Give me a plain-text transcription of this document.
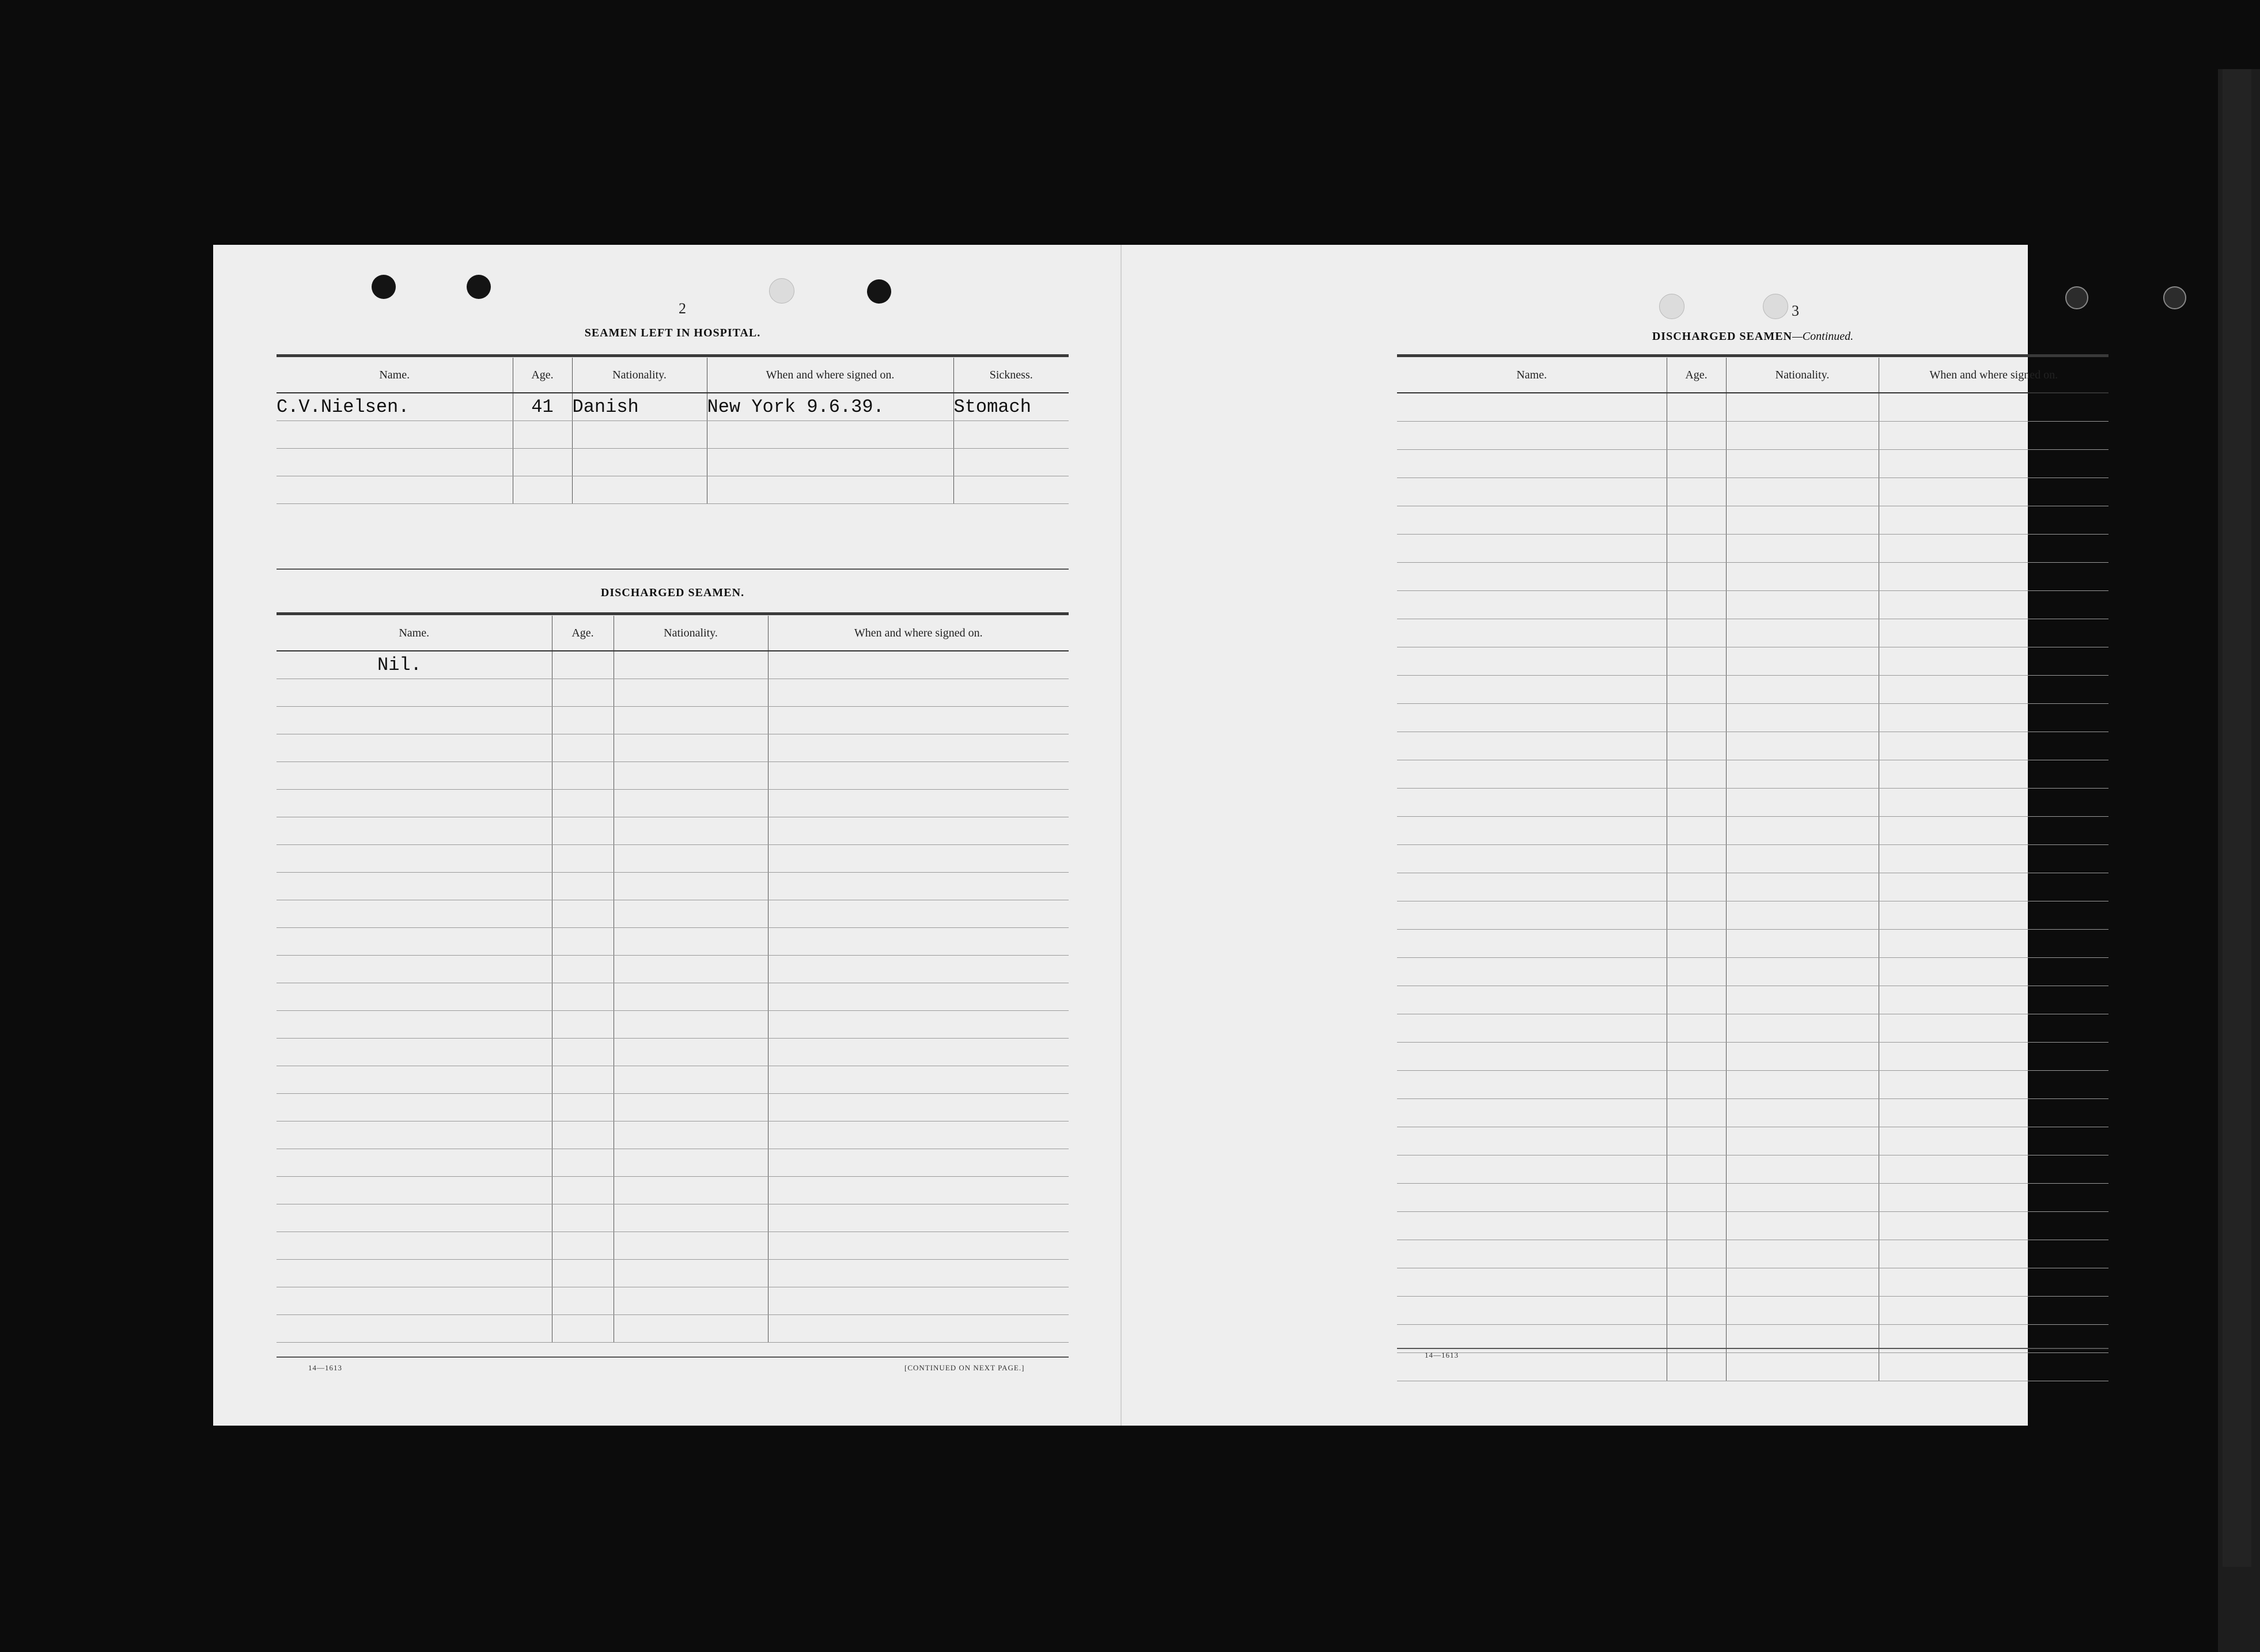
2
SEAMEN LEFT IN HOSPITAL.
Name.	Age.	Nationality.	When and where signed on.	Sickness.
C.V.Nielsen.	41	Danish	New York 9.6.39.	Stomach

DISCHARGED SEAMEN.
Name.	Age.	Nationality.	When and where signed on.
Nil.			

14—1613	[CONTINUED ON NEXT PAGE.]
3
DISCHARGED SEAMEN—Continued.
Name.	Age.	Nationality.	When and where signed on.

14—1613
